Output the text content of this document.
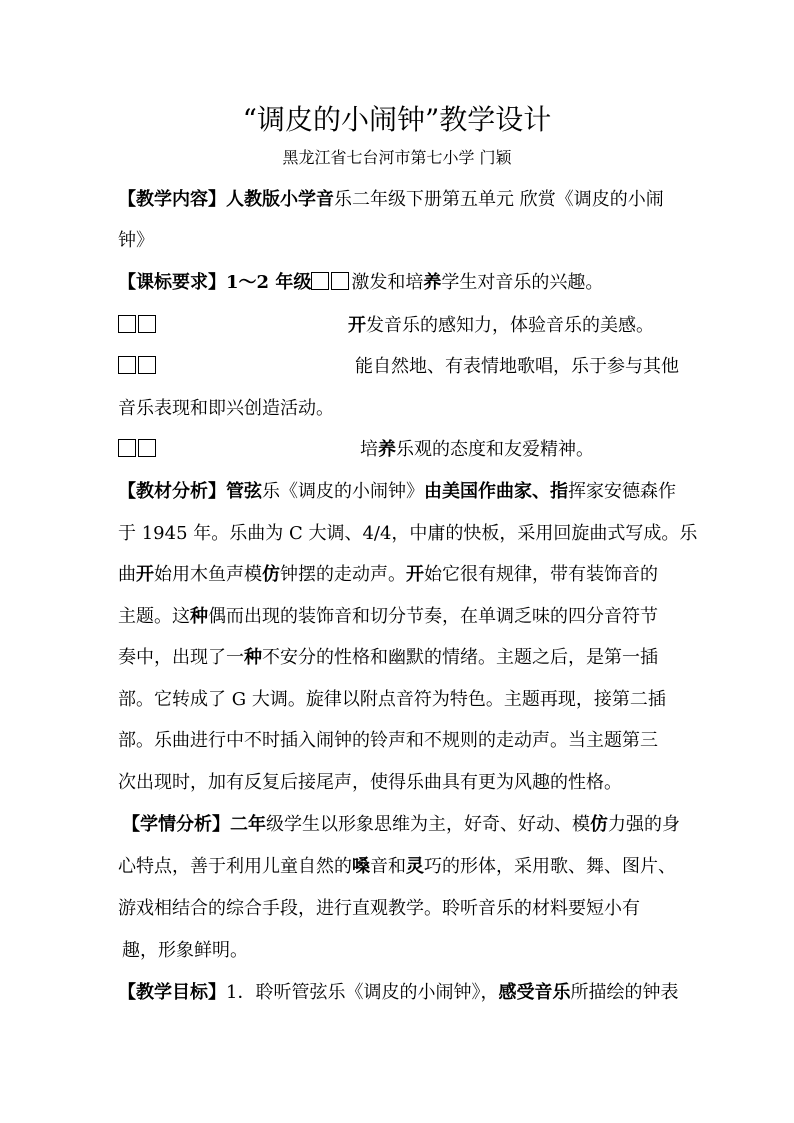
“调皮的小闹钟”教学设计
黑龙江省七台河市第七小学 门颖
【教学内容】人教版小学音乐二年级下册第五单元 欣赏《调皮的小闹
钟》
【课标要求】1～2 年级 激发和培养学生对音乐的兴趣。
开发音乐的感知力，体验音乐的美感。
能自然地、有表情地歌唱，乐于参与其他
音乐表现和即兴创造活动。
培养乐观的态度和友爱精神。
【教材分析】管弦乐《调皮的小闹钟》由美国作曲家、指挥家安德森作
于 1945 年。乐曲为 C 大调、4/4，中庸的快板，采用回旋曲式写成。乐
曲开始用木鱼声模仿钟摆的走动声。开始它很有规律，带有装饰音的
主题。这种偶而出现的装饰音和切分节奏，在单调乏味的四分音符节
奏中，出现了一种不安分的性格和幽默的情绪。主题之后，是第一插
部。它转成了 G 大调。旋律以附点音符为特色。主题再现，接第二插
部。乐曲进行中不时插入闹钟的铃声和不规则的走动声。当主题第三
次出现时，加有反复后接尾声，使得乐曲具有更为风趣的性格。
【学情分析】二年级学生以形象思维为主，好奇、好动、模仿力强的身
心特点，善于利用儿童自然的嗓音和灵巧的形体，采用歌、舞、图片、
游戏相结合的综合手段，进行直观教学。聆听音乐的材料要短小有
趣，形象鲜明。
【教学目标】1．聆听管弦乐《调皮的小闹钟》，感受音乐所描绘的钟表
